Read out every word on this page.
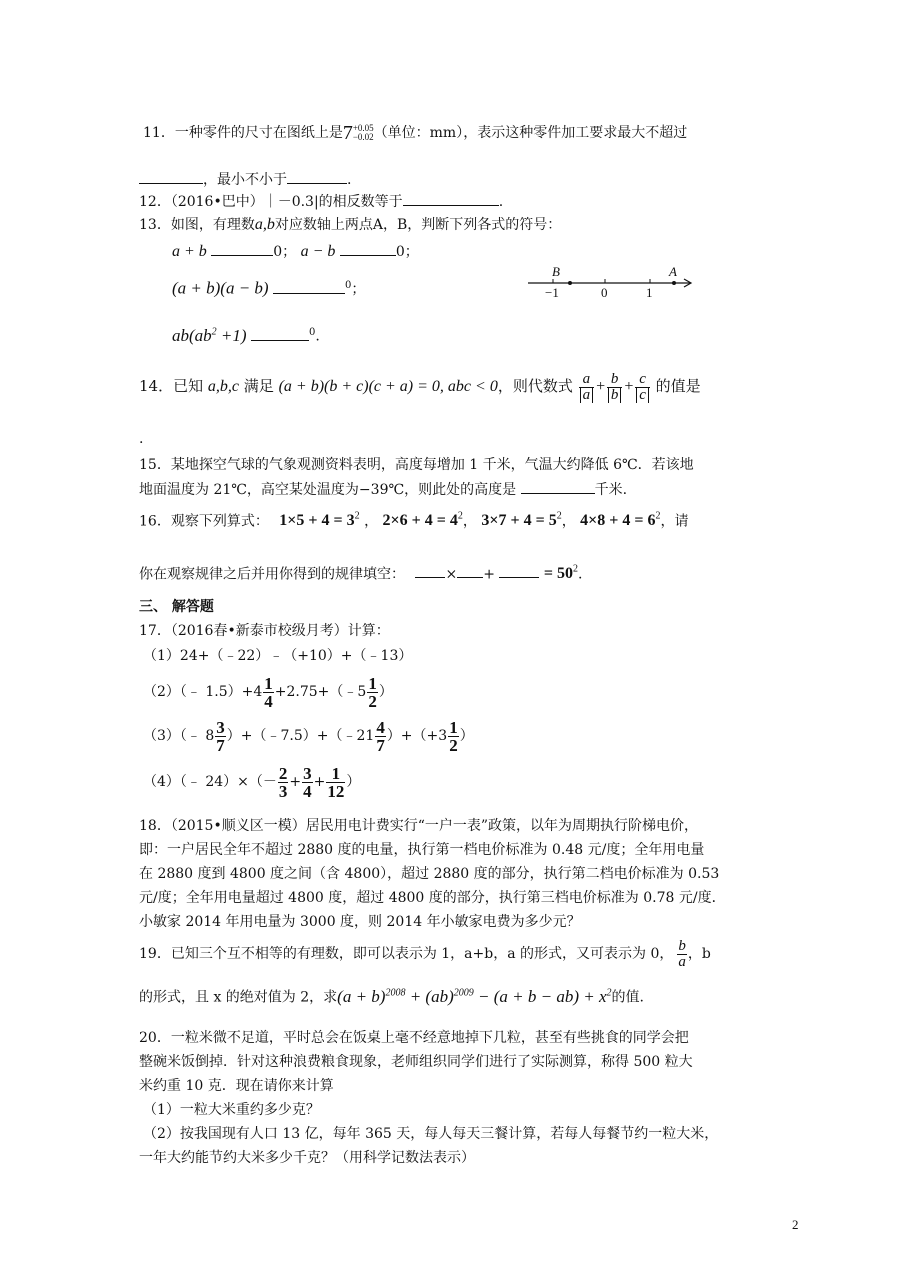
11．一种零件的尺寸在图纸上是 7 +0.05
−0.02 （单位：mm），表示这种零件加工要求最大不超过
，最小不小于	.
12．（2016•巴中）｜－0.3|的相反数等于	.
13．如图，有理数a,b对应数轴上两点A，B，判断下列各式的符号：
a + b	0； a − b	0；
(a + b)(a − b)	$^0$；
$ab(ab^2 +1)$	$^0$.
B	A
−1	0	1
14．已知 a,b,c 满足 (a + b)(b + c)(c + a) = 0, abc < 0，则代数式 $\frac{a}{a} + \frac{b}{b} + \frac{c}{c}$ 的值是
.
15．某地探空气球的气象观测资料表明，高度每增加 1 千米，气温大约降低 6℃．若该地
地面温度为 21℃，高空某处温度为−39℃，则此处的高度是	千米.
16．观察下列算式： $1\times 5 + 4 = 3^2$ ， $2\times 6 + 4 = 4^2$， $3\times 7 + 4 = 5^2$， $4\times 8 + 4 = 6^2$，请
你在观察规律之后并用你得到的规律填空：	× +	= $50^2$.
三、 解答题
17．（2016春•新泰市校级月考）计算：
（1）24+（﹣22）﹣（+10）+（﹣13）
（2）（﹣ $1.5)+4 \frac{1}{4}$ +2.75+（﹣5 $\frac{1}{2}$ ）
（3）（﹣ $8 \frac{3}{7}$ ）+（﹣7.5）+（﹣21 $\frac{4}{7} )+(+3 \frac{1}{2}$ ）
（4）（﹣ $24)\times(- \frac{2}{3} + \frac{3}{4} + \frac{1}{12}$ ）
18．（2015•顺义区一模）居民用电计费实行“一户一表”政策，以年为周期执行阶梯电价，
即：一户居民全年不超过 2880 度的电量，执行第一档电价标准为 0.48 元/度；全年用电量
在 2880 度到 4800 度之间（含 4800），超过 2880 度的部分，执行第二档电价标准为 0.53
元/度；全年用电量超过 4800 度，超过 4800 度的部分，执行第三档电价标准为 0.78 元/度．
小敏家 2014 年用电量为 3000 度，则 2014 年小敏家电费为多少元？
19．已知三个互不相等的有理数，即可以表示为 1，a+b，a 的形式，又可表示为 0， $\frac{b}{a}$ ，b
的形式，且 x 的绝对值为 2，求$(a + b)^{2008} + (ab)^{2009} - (a + b - ab) + x^2$的值.
20．一粒米微不足道，平时总会在饭桌上毫不经意地掉下几粒，甚至有些挑食的同学会把
整碗米饭倒掉．针对这种浪费粮食现象，老师组织同学们进行了实际测算，称得 500 粒大
米约重 10 克．现在请你来计算
（1）一粒大米重约多少克？
（2）按我国现有人口 13 亿，每年 365 天，每人每天三餐计算，若每人每餐节约一粒大米，
一年大约能节约大米多少千克？（用科学记数法表示）
2
